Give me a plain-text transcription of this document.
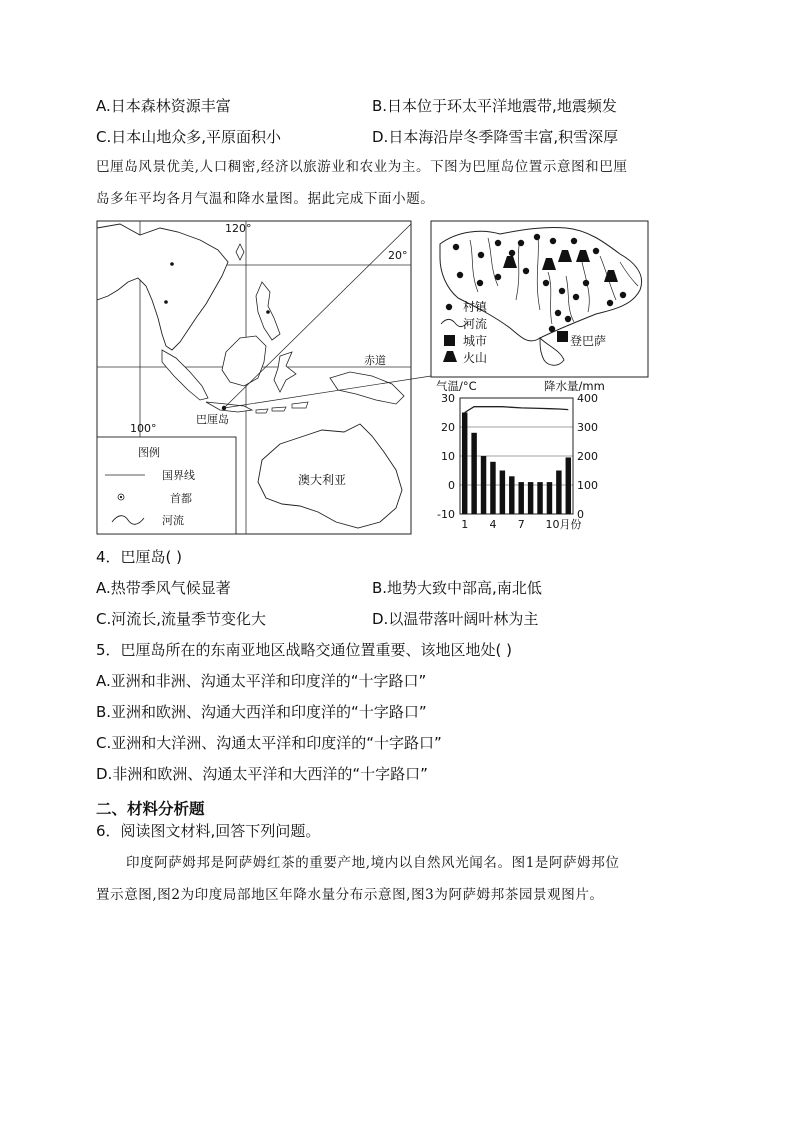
A.日本森林资源丰富	B.日本位于环太平洋地震带,地震频发
C.日本山地众多,平原面积小	D.日本海沿岸冬季降雪丰富,积雪深厚
巴厘岛风景优美,人口稠密,经济以旅游业和农业为主。下图为巴厘岛位置示意图和巴厘
岛多年平均各月气温和降水量图。据此完成下面小题。
120°
20°
赤道
巴厘岛
100°
澳大利亚
图例
国界线
首都
河流
登巴萨
村镇
河流
城市
火山
气温/°C	降水量/mm
30
20
10
0
-10
400
300
200
100
0
1 4 7 10月份
4．巴厘岛( )
A.热带季风气候显著	B.地势大致中部高,南北低
C.河流长,流量季节变化大	D.以温带落叶阔叶林为主
5．巴厘岛所在的东南亚地区战略交通位置重要、该地区地处( )
A.亚洲和非洲、沟通太平洋和印度洋的“十字路口”
B.亚洲和欧洲、沟通大西洋和印度洋的“十字路口”
C.亚洲和大洋洲、沟通太平洋和印度洋的“十字路口”
D.非洲和欧洲、沟通太平洋和大西洋的“十字路口”
二、材料分析题
6．阅读图文材料,回答下列问题。
印度阿萨姆邦是阿萨姆红茶的重要产地,境内以自然风光闻名。图1是阿萨姆邦位
置示意图,图2为印度局部地区年降水量分布示意图,图3为阿萨姆邦茶园景观图片。
